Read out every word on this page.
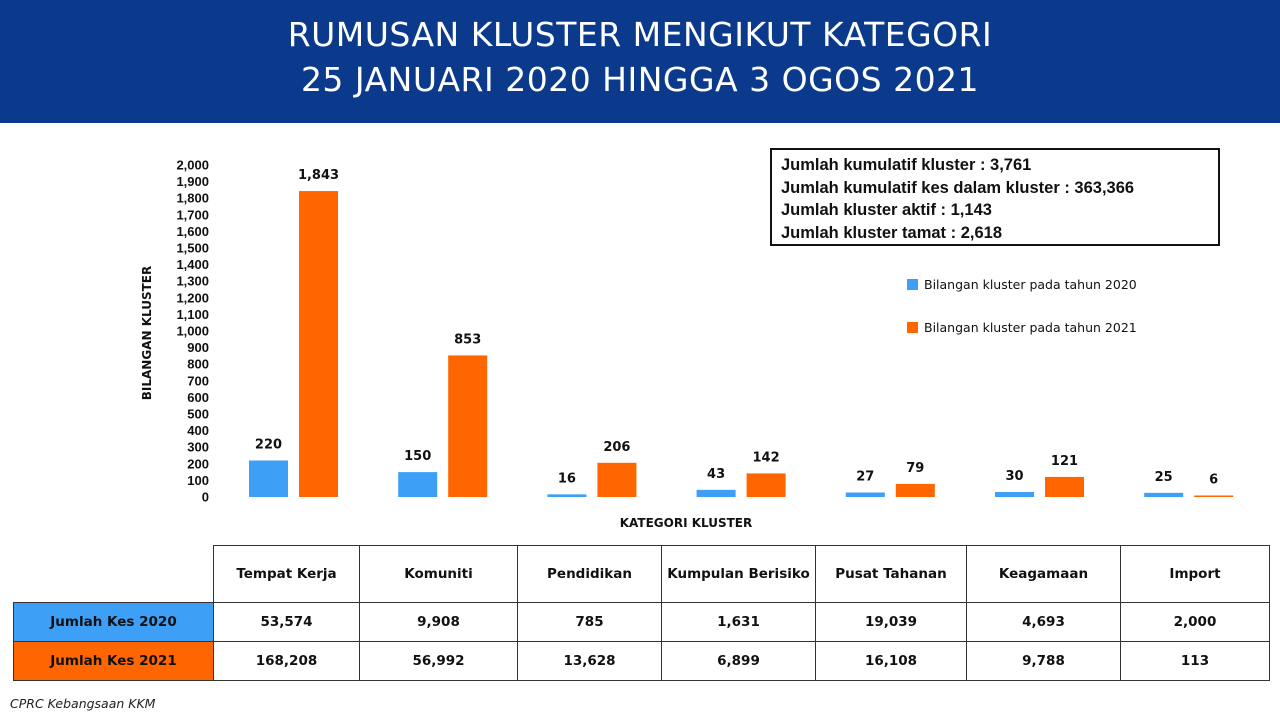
RUMUSAN KLUSTER MENGIKUT KATEGORI
25 JANUARI 2020 HINGGA 3 OGOS 2021
0
100
200
300
400
500
600
700
800
900
1,000
1,100
1,200
1,300
1,400
1,500
1,600
1,700
1,800
1,900
2,000
BILANGAN KLUSTER
KATEGORI KLUSTER
220
1,843
150
853
16
206
43
142
27
79
30
121
25	6
Jumlah kumulatif kluster : 3,761
Jumlah kumulatif kes dalam kluster : 363,366
Jumlah kluster aktif : 1,143
Jumlah kluster tamat : 2,618
Bilangan kluster pada tahun 2020
Bilangan kluster pada tahun 2021
	Tempat Kerja	Komuniti	Pendidikan	Kumpulan Berisiko	Pusat Tahanan	Keagamaan	Import
Jumlah Kes 2020	53,574	9,908	785	1,631	19,039	4,693	2,000
Jumlah Kes 2021	168,208	56,992	13,628	6,899	16,108	9,788	113
CPRC Kebangsaan KKM
